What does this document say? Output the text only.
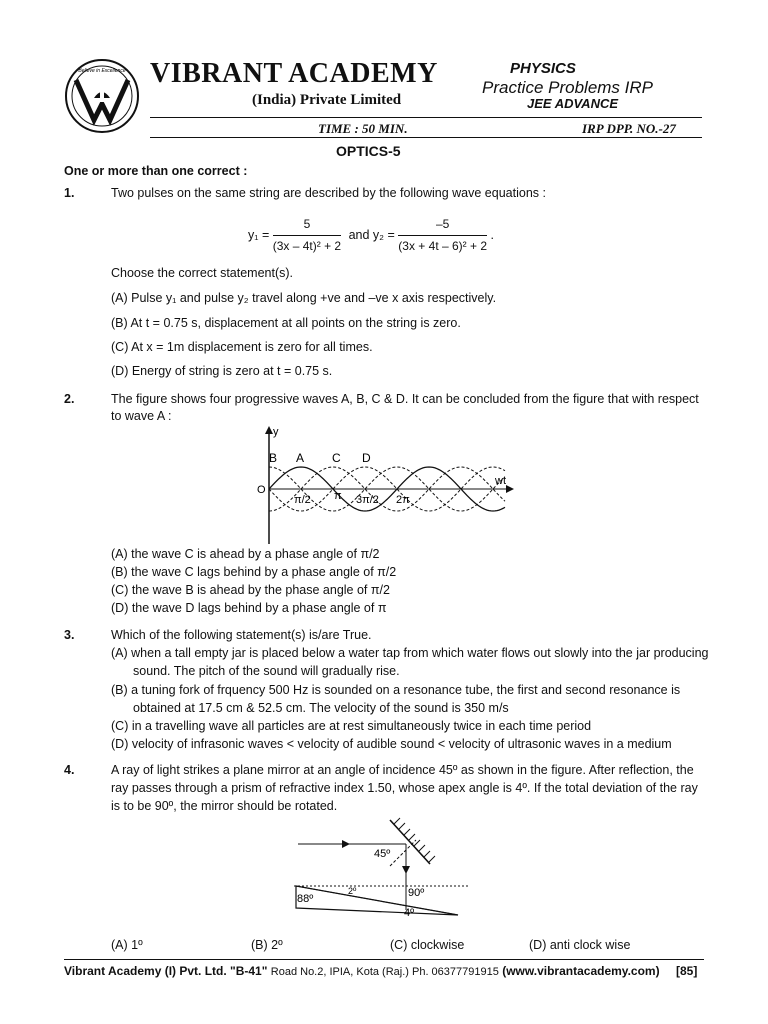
Believe in Excellence VIBRANT ACADEMY
(India) Private Limited
PHYSICS
Practice Problems IRP
JEE ADVANCE
TIME : 50 MIN.	IRP DPP. NO.-27
OPTICS-5
One or more than one correct :
1.	Two pulses on the same string are described by the following wave equations :
$y_1 = \frac{5}{\text{(3x – 4t)² + 2}}$ and $y_2 = \frac{-5}{\text{(3x + 4t – 6)² + 2}}$ .
Choose the correct statement(s).
(A) Pulse y₁ and pulse y₂ travel along +ve and –ve x axis respectively.
(B) At t = 0.75 s, displacement at all points on the string is zero.
(C) At x = 1m displacement is zero for all times.
(D) Energy of string is zero at t = 0.75 s.
2.	The figure shows four progressive waves A, B, C & D. It can be concluded from the figure that with respect
to wave A :
y
O
wt
B A C D
π/2 π 3π/2 2π
(A) the wave C is ahead by a phase angle of π/2
(B) the wave C lags behind by a phase angle of π/2
(C) the wave B is ahead by the phase angle of π/2
(D) the wave D lags behind by a phase angle of π
3.	Which of the following statement(s) is/are True.
(A) when a tall empty jar is placed below a water tap from which water flows out slowly into the jar producing
sound. The pitch of the sound will gradually rise.
(B) a tuning fork of frquency 500 Hz is sounded on a resonance tube, the first and second resonance is
obtained at 17.5 cm & 52.5 cm. The velocity of the sound is 350 m/s
(C) in a travelling wave all particles are at rest simultaneously twice in each time period
(D) velocity of infrasonic waves < velocity of audible sound < velocity of ultrasonic waves in a medium
4.	A ray of light strikes a plane mirror at an angle of incidence 45º as shown in the figure. After reflection, the
ray passes through a prism of refractive index 1.50, whose apex angle is 4º. If the total deviation of the ray
is to be 90º, the mirror should be rotated.
45º
2º	90º
88º
4º
(A) 1º	(B) 2º	(C) clockwise	(D) anti clock wise
Vibrant Academy (I) Pvt. Ltd. "B-41" Road No.2, IPIA, Kota (Raj.) Ph. 06377791915 (www.vibrantacademy.com) [85]
